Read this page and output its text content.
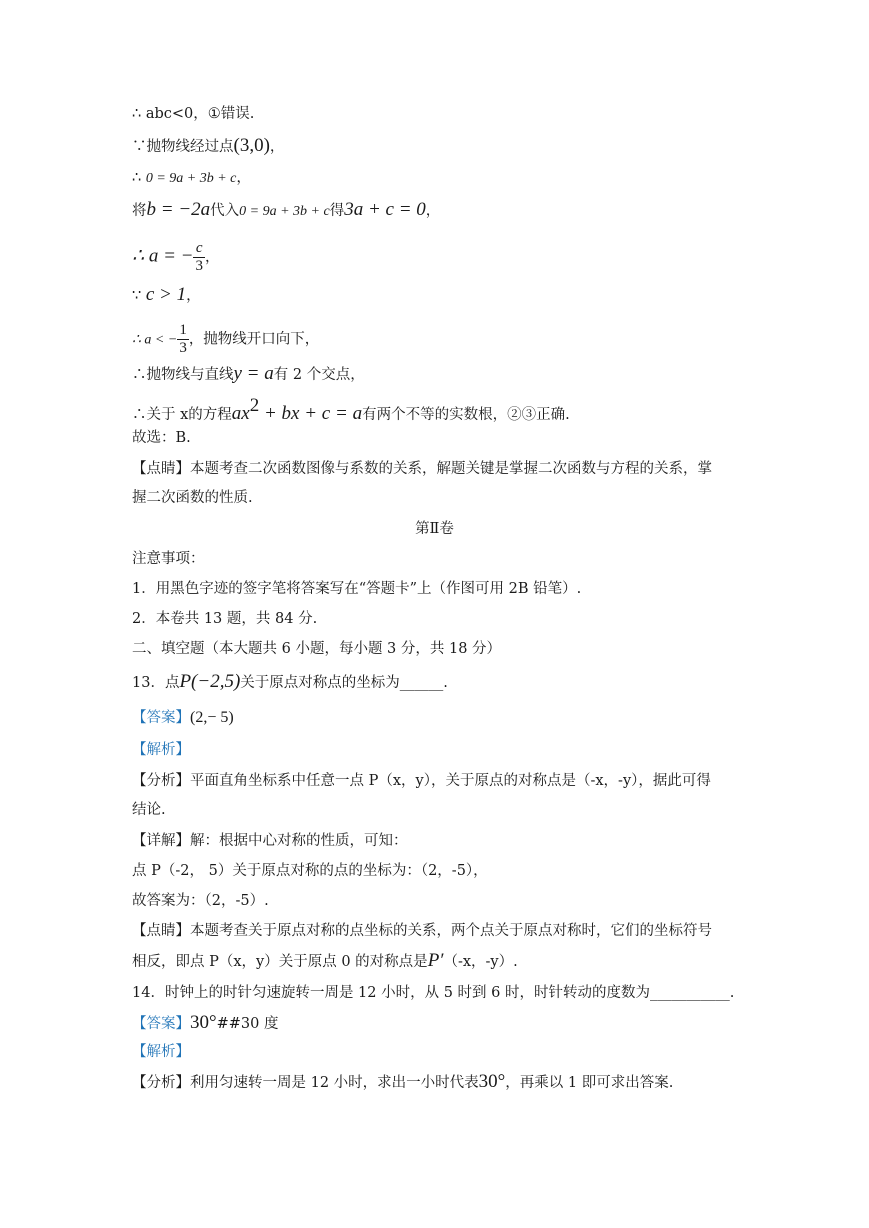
∴ abc<0，①错误.
∵抛物线经过点(3,0)，
∴ 0 = 9a + 3b + c，
将b = −2a代入0 = 9a + 3b + c得3a + c = 0，
∴ a = − $\frac{c}{3}$ ，
∵ c > 1，
∴ a < − $\frac{1}{3}$ ，抛物线开口向下，
∴抛物线与直线y = a有 2 个交点，
∴关于 x的方程$ax^2$ + bx + c = a有两个不等的实数根，②③正确.
故选：B.
【点睛】本题考查二次函数图像与系数的关系，解题关键是掌握二次函数与方程的关系，掌
握二次函数的性质.
第Ⅱ卷
注意事项：
1．用黑色字迹的签字笔将答案写在“答题卡”上（作图可用 2B 铅笔）.
2．本卷共 13 题，共 84 分.
二、填空题（本大题共 6 小题，每小题 3 分，共 18 分）
13．点P(−2,5)关于原点对称点的坐标为______.
【答案】(2,− 5)
【解析】
【分析】平面直角坐标系中任意一点 P（x，y），关于原点的对称点是（-x，-y），据此可得
结论.
【详解】解：根据中心对称的性质，可知：
点 P（-2， 5）关于原点对称的点的坐标为：（2，-5），
故答案为：（2，-5）.
【点睛】本题考查关于原点对称的点坐标的关系，两个点关于原点对称时，它们的坐标符号
相反，即点 P（x，y）关于原点 0 的对称点是P′（-x，-y）.
14．时钟上的时针匀速旋转一周是 12 小时，从 5 时到 6 时，时针转动的度数为___________.
【答案】30°##30 度
【解析】
【分析】利用匀速转一周是 12 小时，求出一小时代表30°，再乘以 1 即可求出答案.
